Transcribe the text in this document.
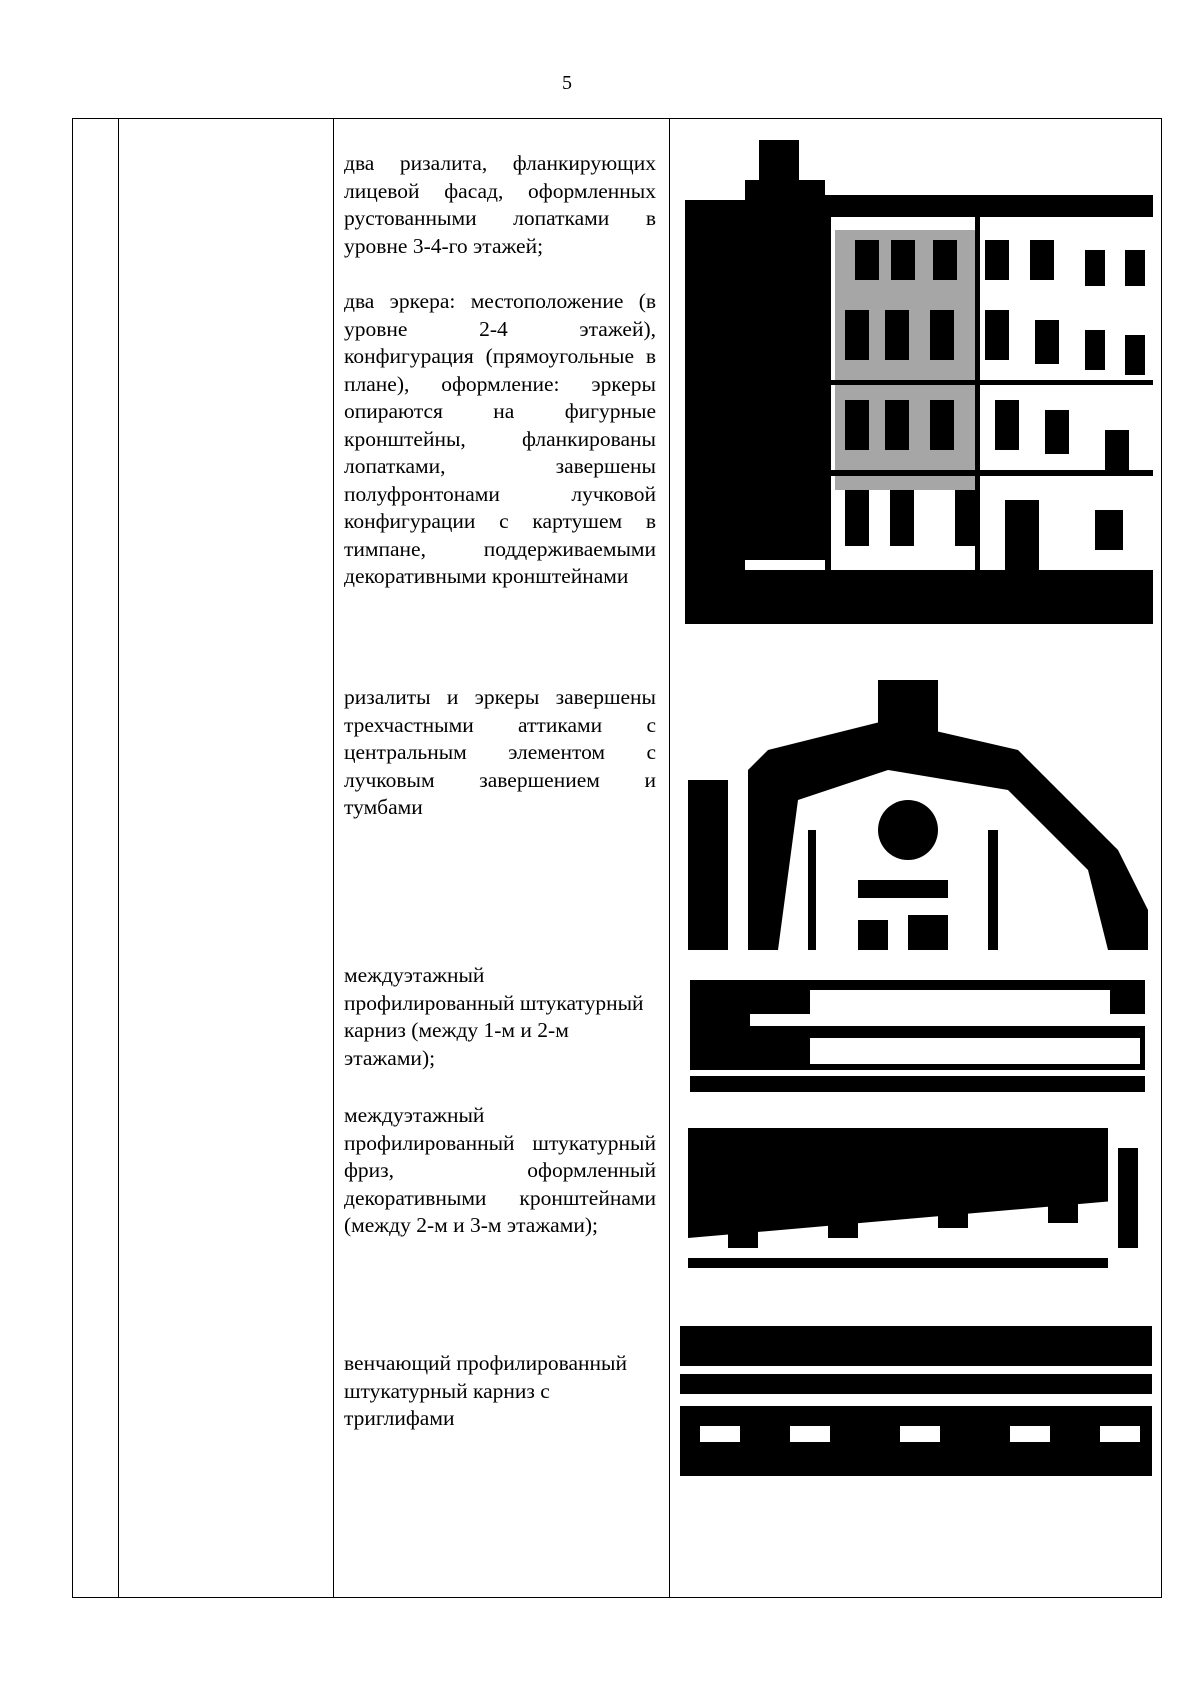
5
два ризалита, фланкирующих лицевой фасад, оформленных рустованными лопатками в уровне 3-4-го этажей;
два эркера: местоположение (в уровне 2-4 этажей), конфигурация (прямоугольные в плане), оформление: эркеры опираются на фигурные кронштейны, фланкированы лопатками, завершены полуфронтонами лучковой конфигурации с картушем в тимпане, поддерживаемыми декоративными кронштейнами
ризалиты и эркеры завершены трехчастными аттиками с центральным элементом с лучковым завершением и тумбами
междуэтажный профилированный штукатурный карниз (между 1-м и 2-м этажами);
междуэтажный профилированный штукатурный фриз, оформленный декоративными кронштейнами (между 2-м и 3-м этажами);
венчающий профилированный штукатурный карниз с триглифами
